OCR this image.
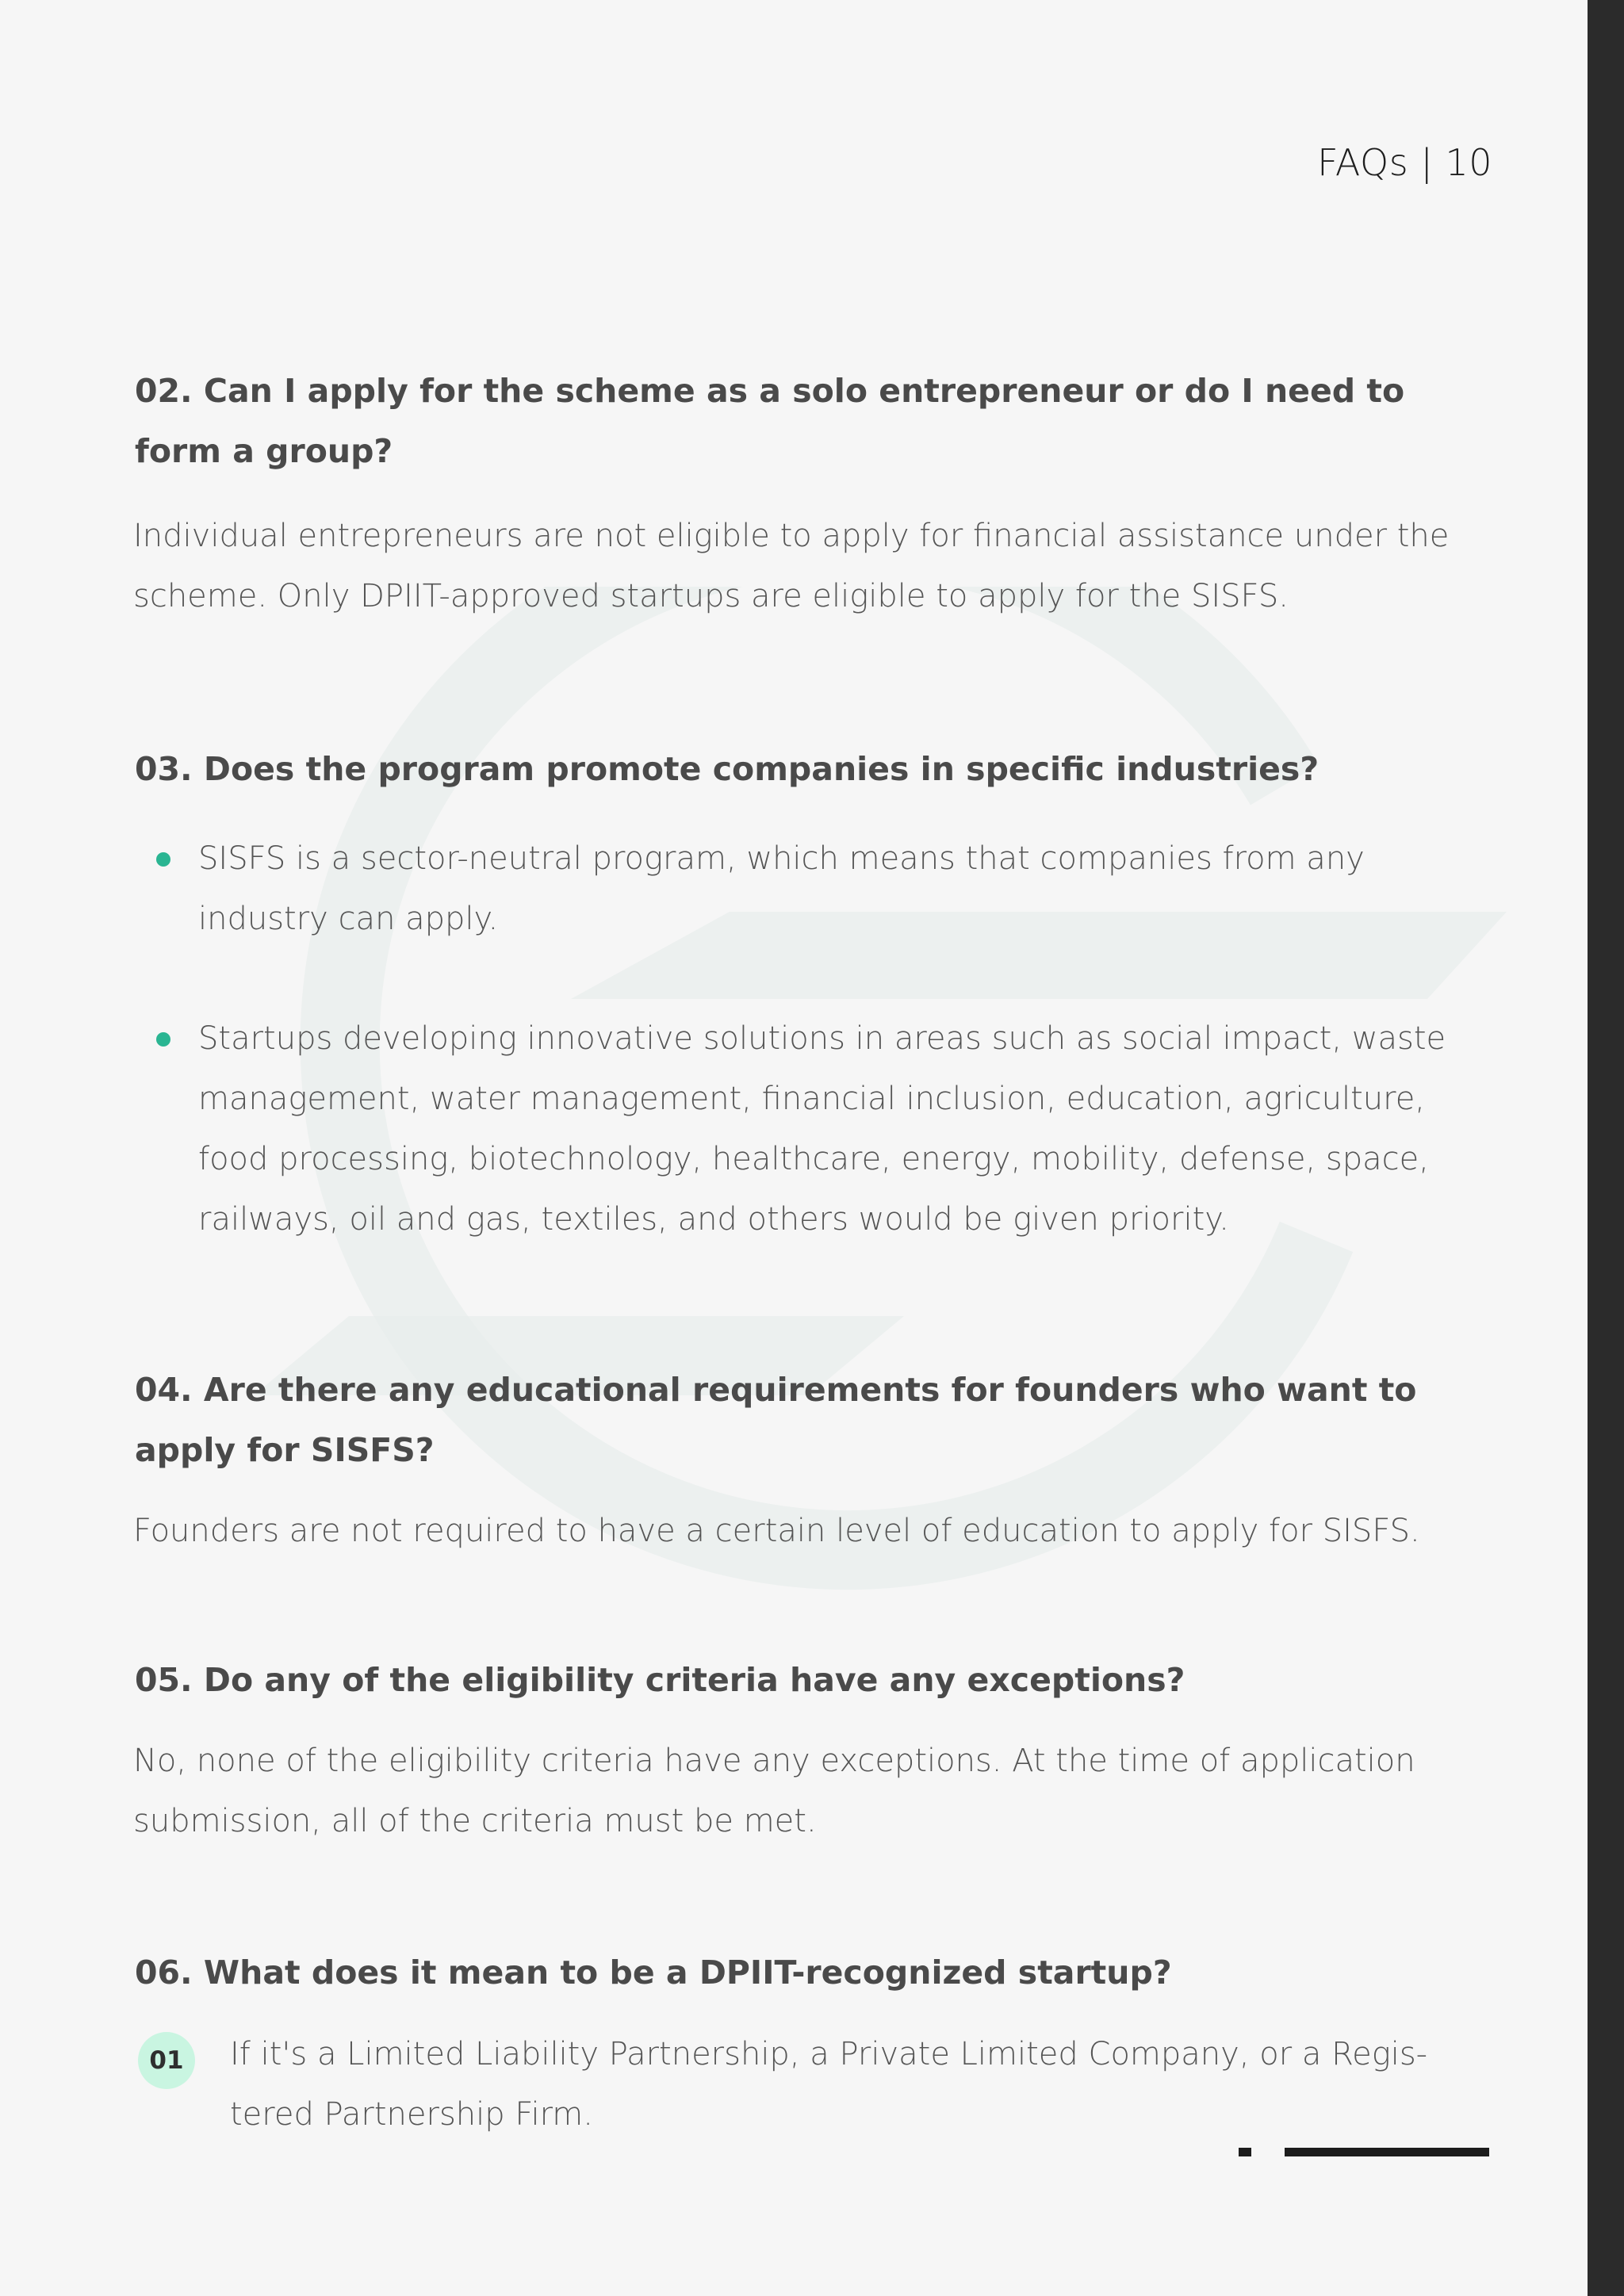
FAQs | 10
02. Can I apply for the scheme as a solo entrepreneur or do I need to form a group?
Individual entrepreneurs are not eligible to apply for financial assistance under the scheme. Only DPIIT-approved startups are eligible to apply for the SISFS.
03. Does the program promote companies in specific industries?
SISFS is a sector-neutral program, which means that companies from any industry can apply.
Startups developing innovative solutions in areas such as social impact, waste management, water management, financial inclusion, education, agriculture, food processing, biotechnology, healthcare, energy, mobility, defense, space, railways, oil and gas, textiles, and others would be given priority.
04. Are there any educational requirements for founders who want to apply for SISFS?
Founders are not required to have a certain level of education to apply for SISFS.
05. Do any of the eligibility criteria have any exceptions?
No, none of the eligibility criteria have any exceptions. At the time of application submission, all of the criteria must be met.
06. What does it mean to be a DPIIT-recognized startup?
01	If it's a Limited Liability Partnership, a Private Limited Company, or a Regis-tered Partnership Firm.
